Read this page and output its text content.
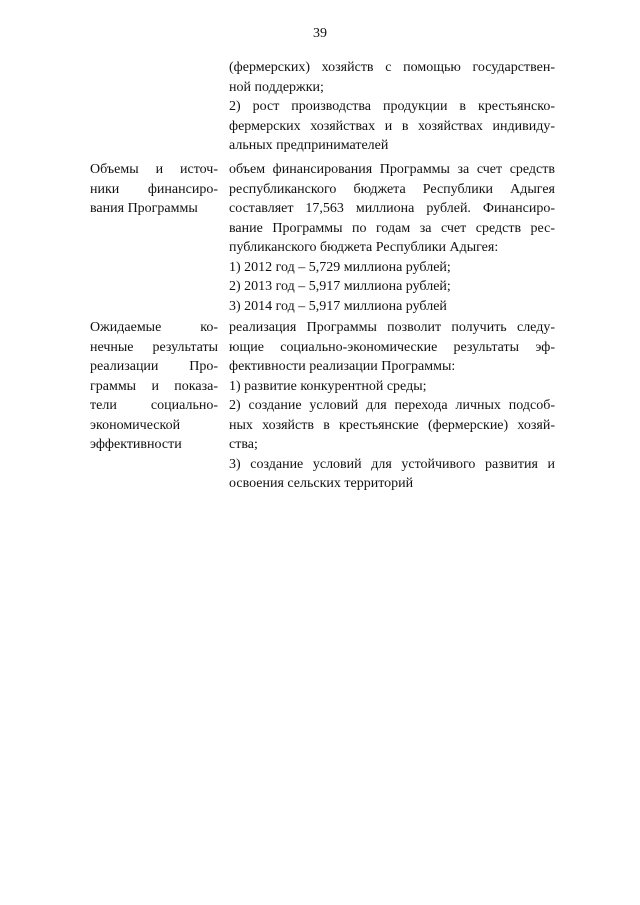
39
(фермерских) хозяйств с помощью государствен-
ной поддержки;
2) рост производства продукции в крестьянско-
фермерских хозяйствах и в хозяйствах индивиду-
альных предпринимателей
Объемы и источ-
ники финансиро-
вания Программы
объем финансирования Программы за счет средств
республиканского бюджета Республики Адыгея
составляет 17,563 миллиона рублей. Финансиро-
вание Программы по годам за счет средств рес-
публиканского бюджета Республики Адыгея:
1) 2012 год – 5,729 миллиона рублей;
2) 2013 год – 5,917 миллиона рублей;
3) 2014 год – 5,917 миллиона рублей
Ожидаемые ко-
нечные результаты
реализации Про-
граммы и показа-
тели социально-
экономической
эффективности
реализация Программы позволит получить следу-
ющие социально-экономические результаты эф-
фективности реализации Программы:
1) развитие конкурентной среды;
2) создание условий для перехода личных подсоб-
ных хозяйств в крестьянские (фермерские) хозяй-
ства;
3) создание условий для устойчивого развития и
освоения сельских территорий
